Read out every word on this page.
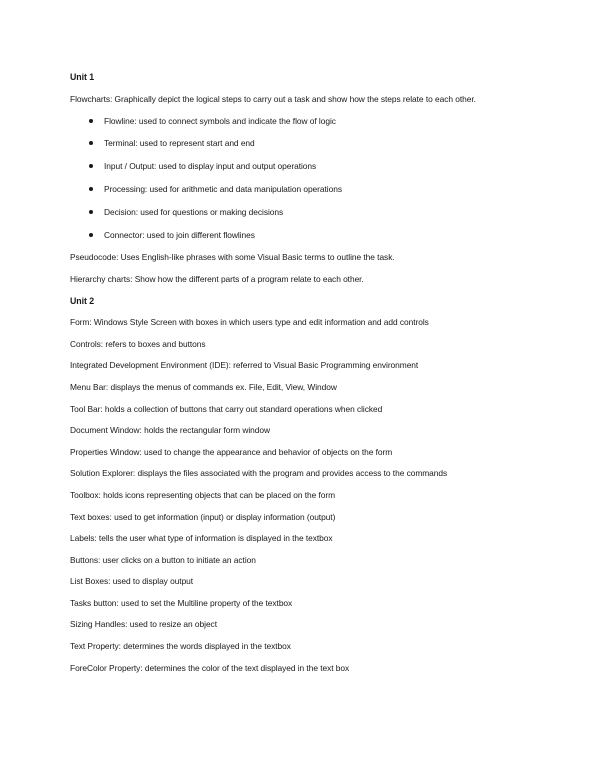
Unit 1

Flowcharts: Graphically depict the logical steps to carry out a task and show how the steps relate to each other.

Flowline: used to connect symbols and indicate the flow of logic
Terminal: used to represent start and end
Input / Output: used to display input and output operations
Processing: used for arithmetic and data manipulation operations
Decision: used for questions or making decisions
Connector: used to join different flowlines

Pseudocode: Uses English-like phrases with some Visual Basic terms to outline the task.

Hierarchy charts: Show how the different parts of a program relate to each other.

Unit 2

Form: Windows Style Screen with boxes in which users type and edit information and add controls

Controls: refers to boxes and buttons

Integrated Development Environment (IDE): referred to Visual Basic Programming environment

Menu Bar: displays the menus of commands ex. File, Edit, View, Window

Tool Bar: holds a collection of buttons that carry out standard operations when clicked

Document Window: holds the rectangular form window

Properties Window: used to change the appearance and behavior of objects on the form

Solution Explorer: displays the files associated with the program and provides access to the commands

Toolbox: holds icons representing objects that can be placed on the form

Text boxes: used to get information (input) or display information (output)

Labels: tells the user what type of information is displayed in the textbox

Buttons: user clicks on a button to initiate an action

List Boxes: used to display output

Tasks button: used to set the Multiline property of the textbox

Sizing Handles: used to resize an object

Text Property: determines the words displayed in the textbox

ForeColor Property: determines the color of the text displayed in the text box
